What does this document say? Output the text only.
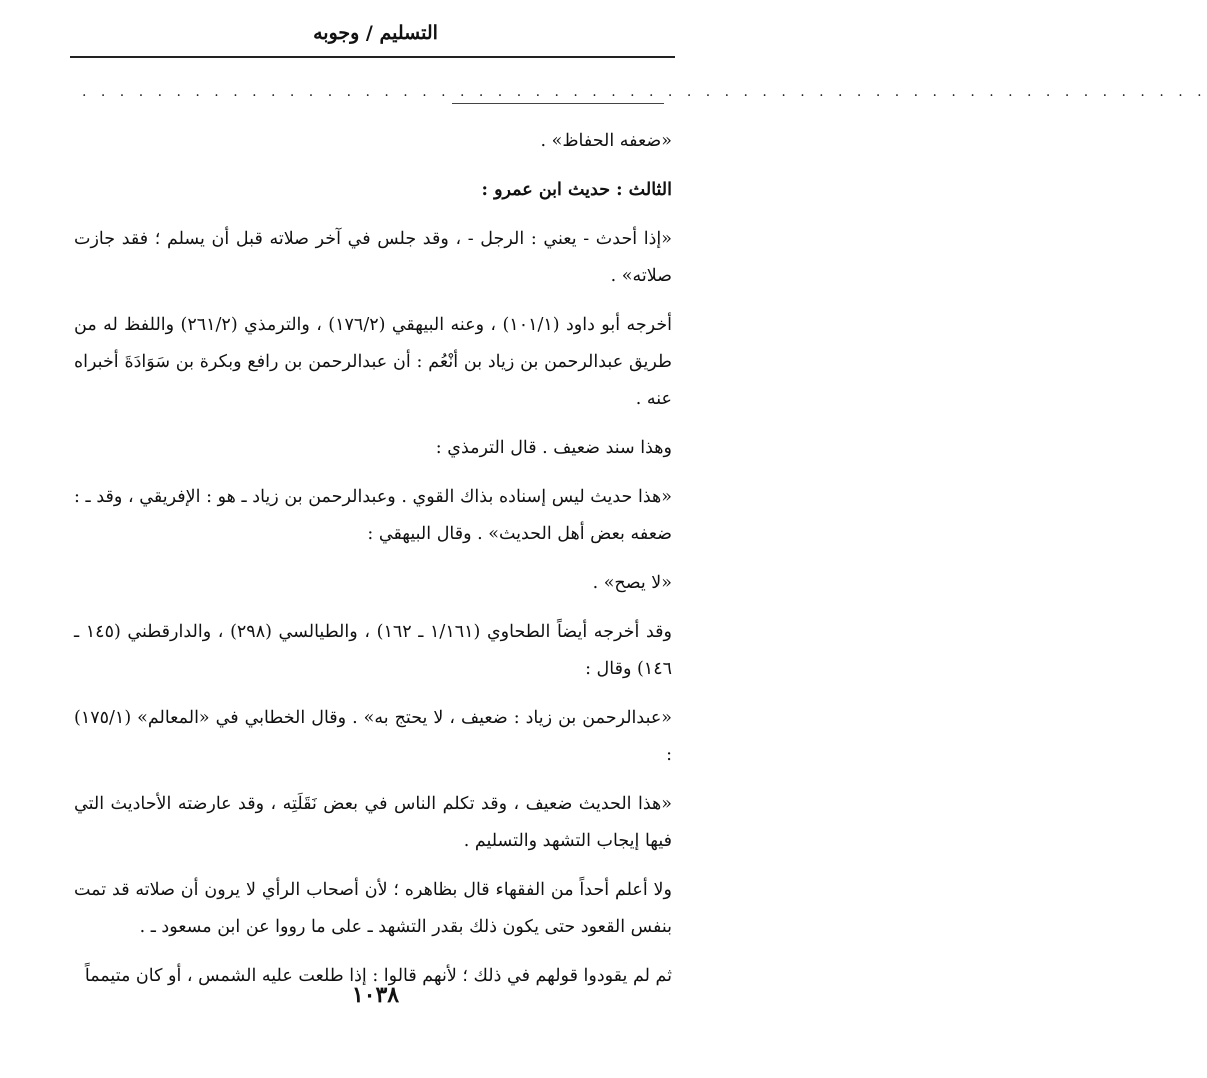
التسليم / وجوبه
. . . . . . . . . . . . . . . . . . . . . . . . . . . . . . . . . . . . . . . . . . . . . . . . . . . . . . . . . . . .

«ضعفه الحفاظ» .

الثالث : حديث ابن عمرو :

«إذا أحدث - يعني : الرجل - ، وقد جلس في آخر صلاته قبل أن يسلم ؛ فقد جازت صلاته» .

أخرجه أبو داود (١٠١/١) ، وعنه البيهقي (١٧٦/٢) ، والترمذي (٢٦١/٢) واللفظ له من طريق عبدالرحمن بن زياد بن أنْعُم : أن عبدالرحمن بن رافع وبكرة بن سَوَادَةَ أخبراه عنه .

وهذا سند ضعيف . قال الترمذي :

«هذا حديث ليس إسناده بذاك القوي . وعبدالرحمن بن زياد ـ هو : الإفريقي ، وقد ـ : ضعفه بعض أهل الحديث» . وقال البيهقي :

«لا يصح» .

وقد أخرجه أيضاً الطحاوي (١/١٦١ ـ ١٦٢) ، والطيالسي (٢٩٨) ، والدارقطني (١٤٥ ـ ١٤٦) وقال :

«عبدالرحمن بن زياد : ضعيف ، لا يحتج به» . وقال الخطابي في «المعالم» (١٧٥/١) :

«هذا الحديث ضعيف ، وقد تكلم الناس في بعض نَقَلَتِه ، وقد عارضته الأحاديث التي فيها إيجاب التشهد والتسليم .

ولا أعلم أحداً من الفقهاء قال بظاهره ؛ لأن أصحاب الرأي لا يرون أن صلاته قد تمت بنفس القعود حتى يكون ذلك بقدر التشهد ـ على ما رووا عن ابن مسعود ـ .

ثم لم يقودوا قولهم في ذلك ؛ لأنهم قالوا : إذا طلعت عليه الشمس ، أو كان متيمماً

١٠٣٨
